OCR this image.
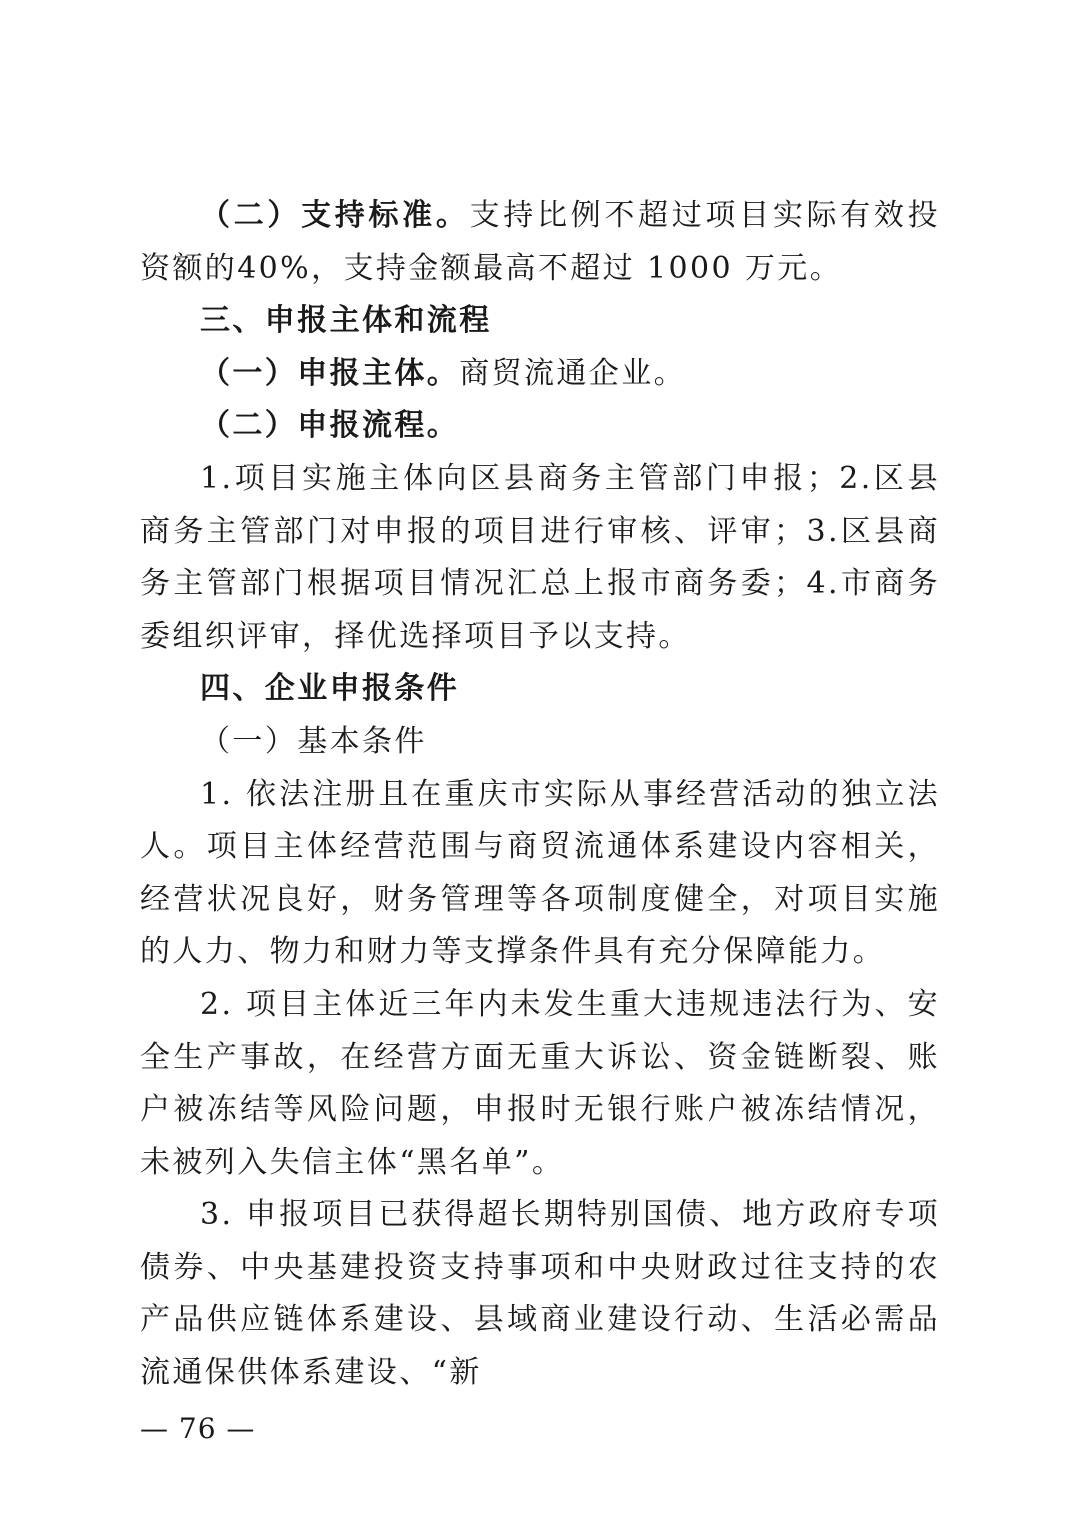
（二）支持标准。支持比例不超过项目实际有效投资额的40%，支持金额最高不超过 1000 万元。

三、申报主体和流程

（一）申报主体。商贸流通企业。

（二）申报流程。

1.项目实施主体向区县商务主管部门申报；2.区县商务主管部门对申报的项目进行审核、评审；3.区县商务主管部门根据项目情况汇总上报市商务委；4.市商务委组织评审，择优选择项目予以支持。

四、企业申报条件

（一）基本条件

1. 依法注册且在重庆市实际从事经营活动的独立法人。项目主体经营范围与商贸流通体系建设内容相关，经营状况良好，财务管理等各项制度健全，对项目实施的人力、物力和财力等支撑条件具有充分保障能力。

2. 项目主体近三年内未发生重大违规违法行为、安全生产事故，在经营方面无重大诉讼、资金链断裂、账户被冻结等风险问题，申报时无银行账户被冻结情况，未被列入失信主体“黑名单”。

3. 申报项目已获得超长期特别国债、地方政府专项债券、中央基建投资支持事项和中央财政过往支持的农产品供应链体系建设、县域商业建设行动、生活必需品流通保供体系建设、“新

— 76 —
